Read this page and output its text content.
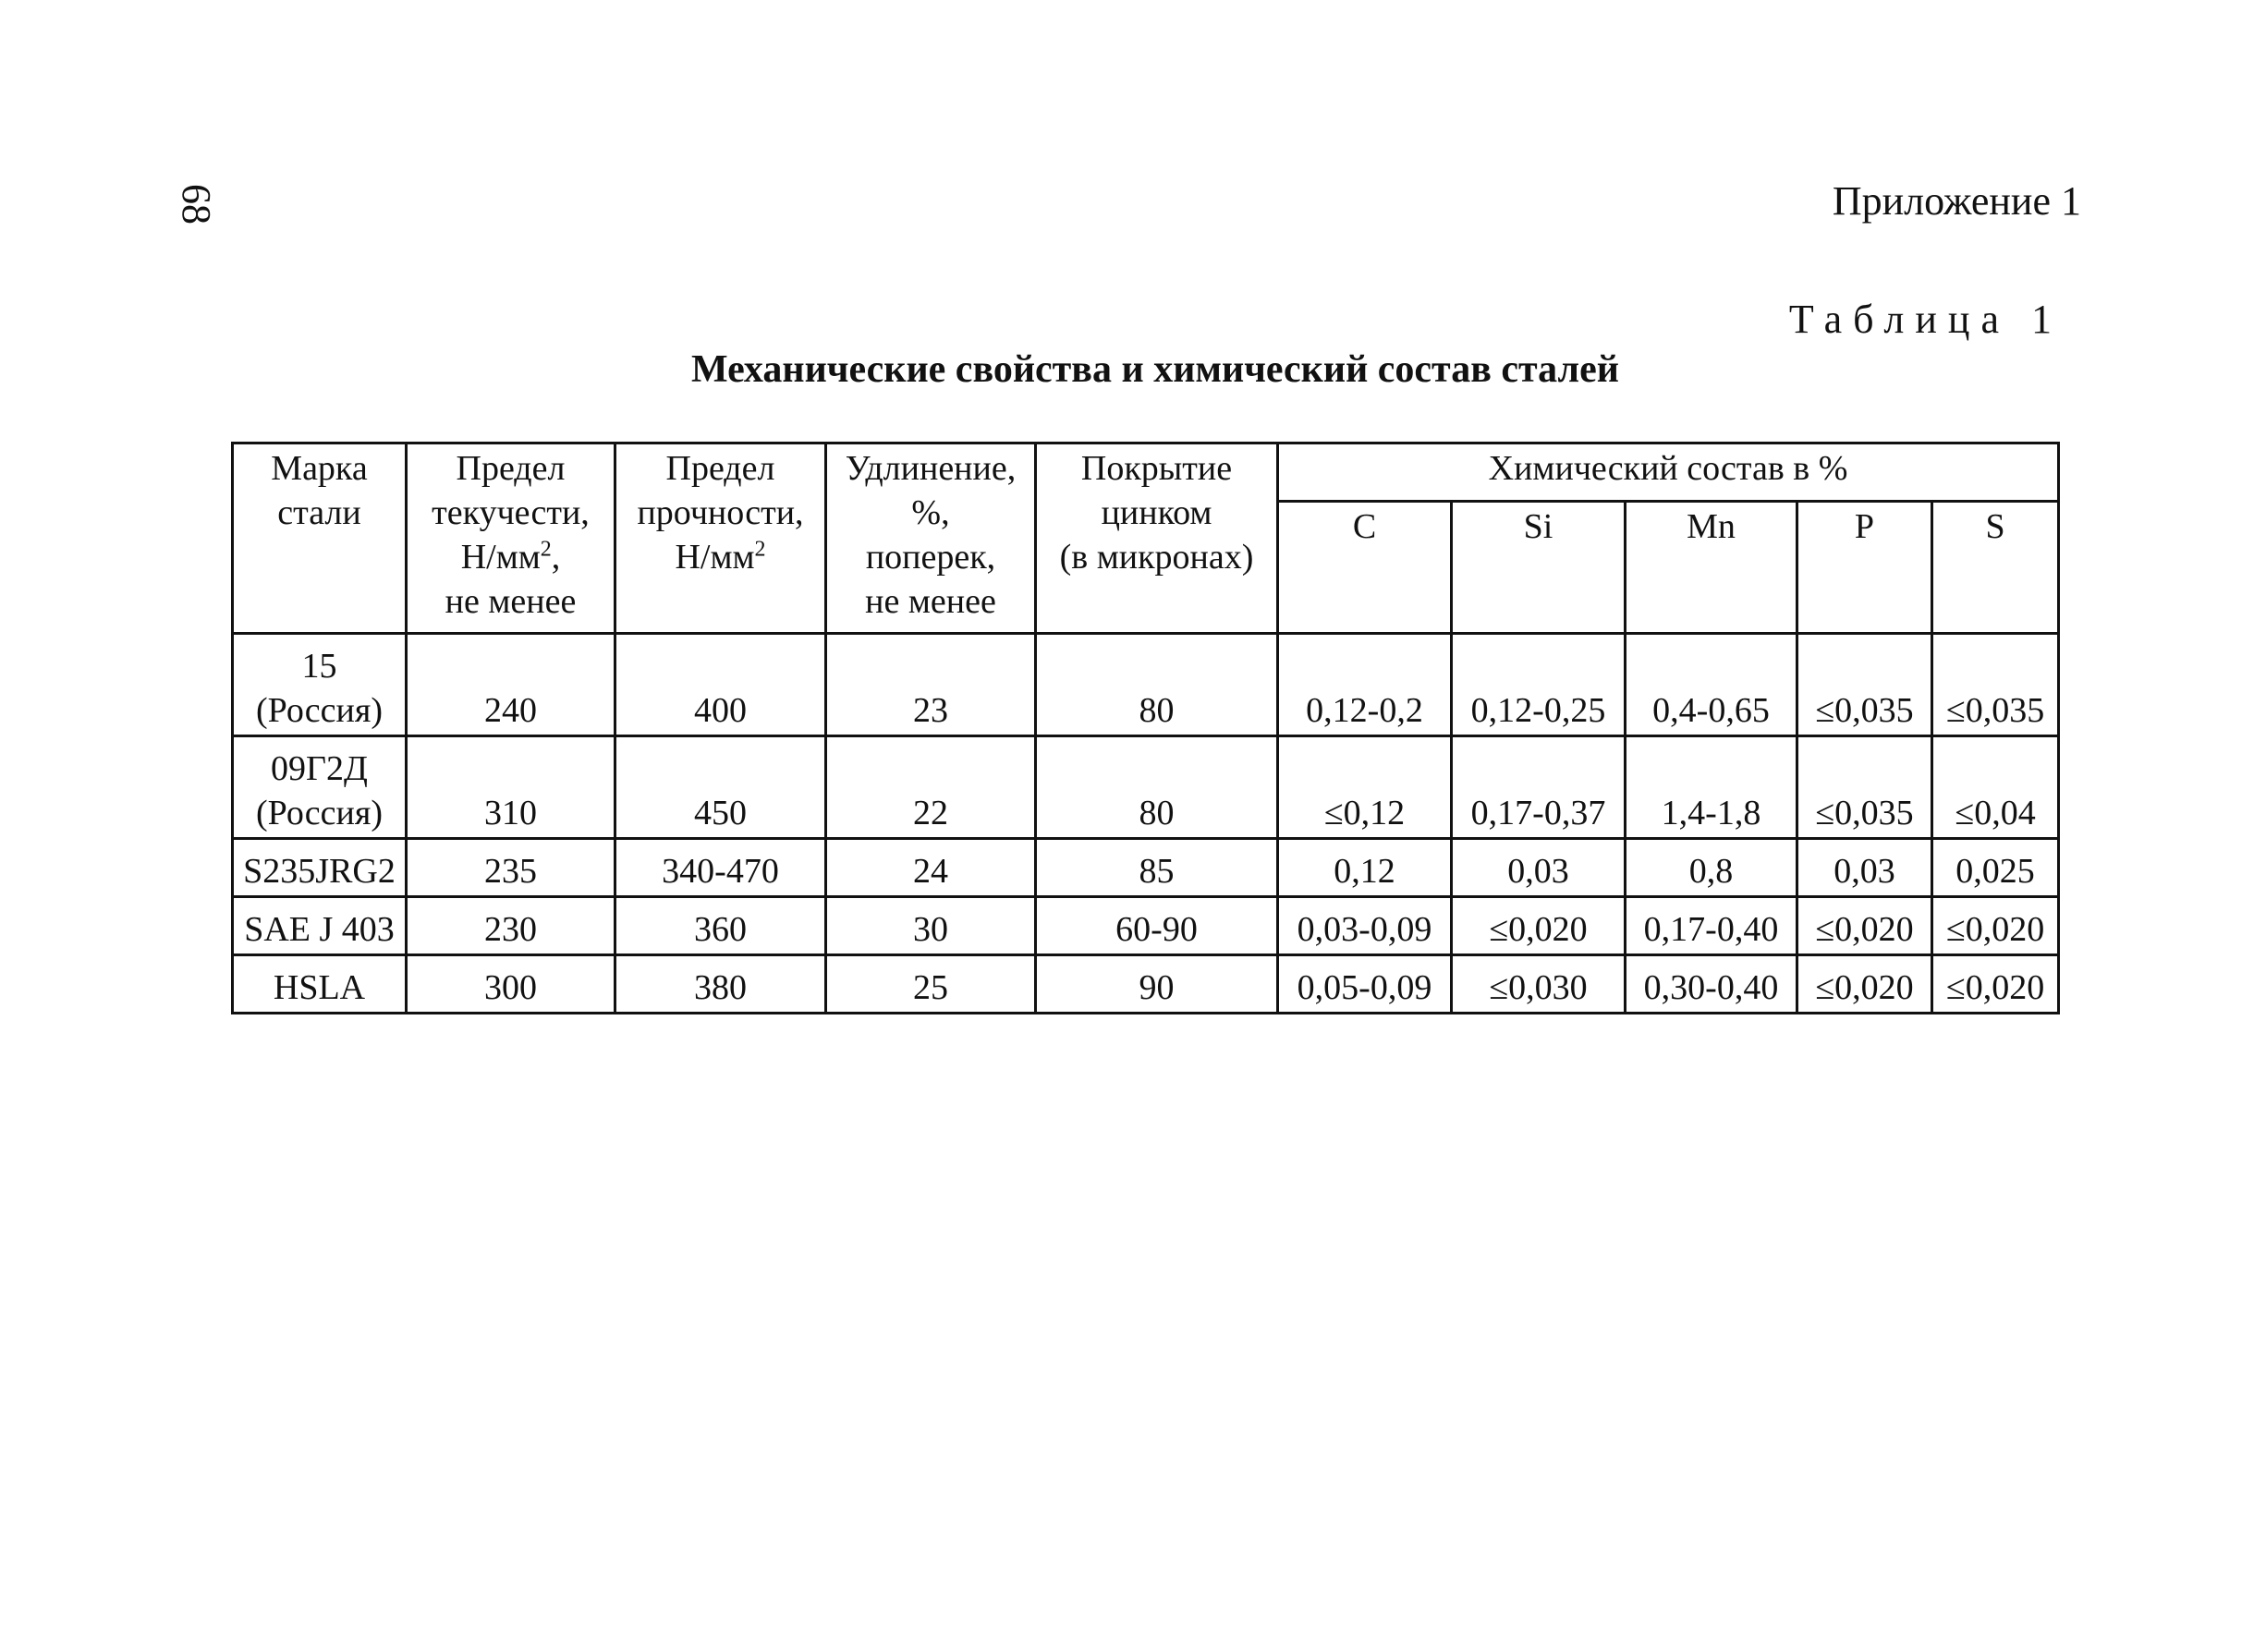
68	Приложение 1
Таблица 1
Механические свойства и химический состав сталей
Марка
стали	Предел
текучести,
$Н/мм^2$,
не менее	Предел
прочности,
$Н/мм^2$	Удлинение,
%,
поперек,
не менее	Покрытие
цинком
(в микронах)	Химический состав в %				
					С	Si	Mn	P	S
15
(Россия)	240	400	23	80	0,12-0,2	0,12-0,25	0,4-0,65	≤0,035	≤0,035
09Г2Д
(Россия)	310	450	22	80	≤0,12	0,17-0,37	1,4-1,8	≤0,035	≤0,04
S235JRG2	235	340-470	24	85	0,12	0,03	0,8	0,03	0,025
SAE J 403	230	360	30	60-90	0,03-0,09	≤0,020	0,17-0,40	≤0,020	≤0,020
HSLA	300	380	25	90	0,05-0,09	≤0,030	0,30-0,40	≤0,020	≤0,020
